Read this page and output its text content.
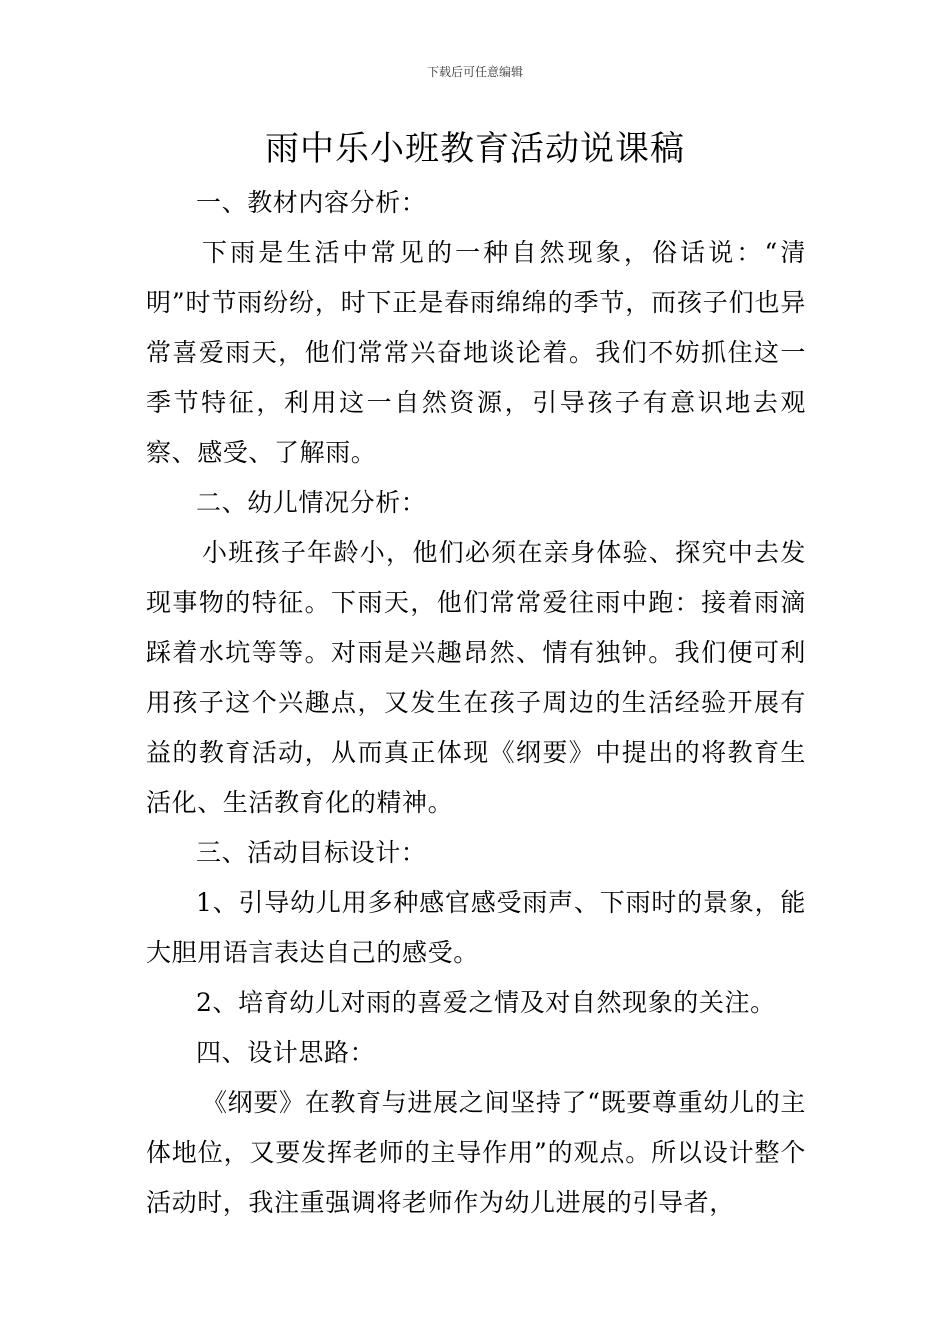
下载后可任意编辑
雨中乐小班教育活动说课稿

一、教材内容分析：

下雨是生活中常见的一种自然现象，俗话说：“清明”时节雨纷纷，时下正是春雨绵绵的季节，而孩子们也异常喜爱雨天，他们常常兴奋地谈论着。我们不妨抓住这一季节特征，利用这一自然资源，引导孩子有意识地去观察、感受、了解雨。

二、幼儿情况分析：

小班孩子年龄小，他们必须在亲身体验、探究中去发现事物的特征。下雨天，他们常常爱往雨中跑：接着雨滴踩着水坑等等。对雨是兴趣昂然、情有独钟。我们便可利用孩子这个兴趣点，又发生在孩子周边的生活经验开展有益的教育活动，从而真正体现《纲要》中提出的将教育生活化、生活教育化的精神。

三、活动目标设计：

1、引导幼儿用多种感官感受雨声、下雨时的景象，能大胆用语言表达自己的感受。

2、培育幼儿对雨的喜爱之情及对自然现象的关注。

四、设计思路：

《纲要》在教育与进展之间坚持了“既要尊重幼儿的主体地位，又要发挥老师的主导作用”的观点。所以设计整个活动时，我注重强调将老师作为幼儿进展的引导者，
